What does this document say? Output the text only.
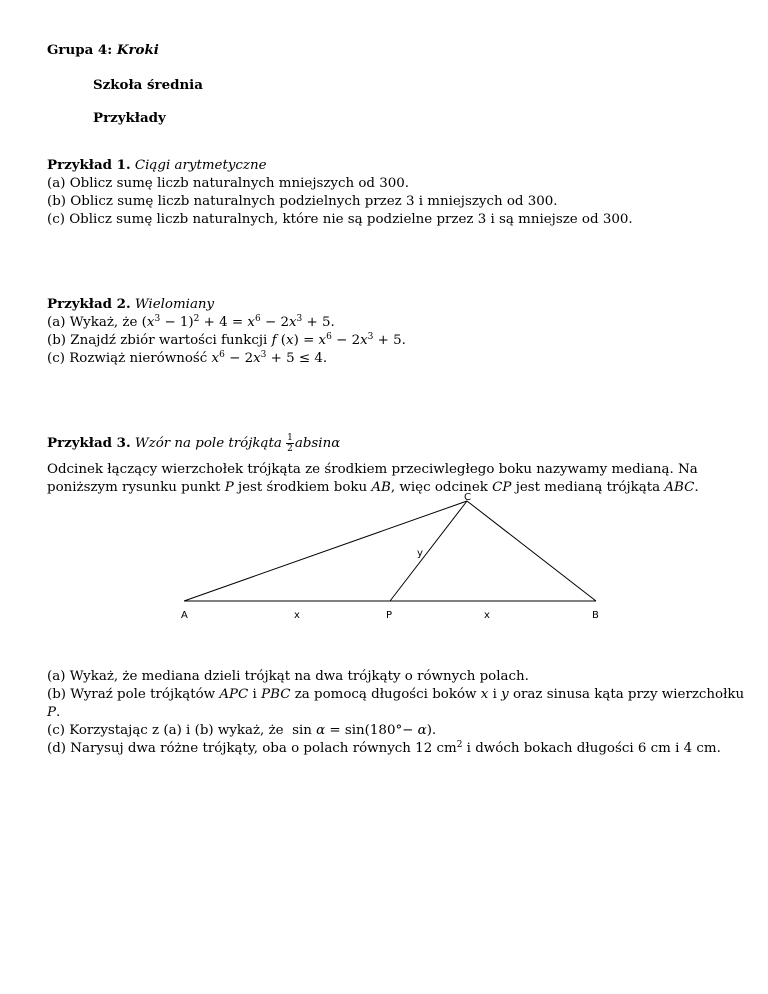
Grupa 4: Kroki
Szkoła średnia
Przykłady
Przykład 1. Ciągi arytmetyczne
(a) Oblicz sumę liczb naturalnych mniejszych od 300.
(b) Oblicz sumę liczb naturalnych podzielnych przez 3 i mniejszych od 300.
(c) Oblicz sumę liczb naturalnych, które nie są podzielne przez 3 i są mniejsze od 300.
Przykład 2. Wielomiany
(a) Wykaż, że $(x^3 - 1)^2 + 4 = x^6 - 2x^3 + 5$.
(b) Znajdź zbiór wartości funkcji f $(x) = x^6 - 2x^3 + 5$.
(c) Rozwiąż nierówność $x^6 - 2x^3 + 5 \le 4$.
Przykład 3. Wzór na pole trójkąta $\frac{1}{2}$ absinα
Odcinek łączący wierzchołek trójkąta ze środkiem przeciwległego boku nazywamy medianą. Na
poniższym rysunku punkt P jest środkiem boku AB, więc odcinek CP jest medianą trójkąta ABC.
A	B
C
P
x	x
y
(a) Wykaż, że mediana dzieli trójkąt na dwa trójkąty o równych polach.
(b) Wyraź pole trójkątów APC i PBC za pomocą długości boków x i y oraz sinusa kąta przy wierzchołku
P.
(c) Korzystając z (a) i (b) wykaż, że sin α = sin(180°− α).
(d) Narysuj dwa różne trójkąty, oba o polach równych 12 $cm^2$ i dwóch bokach długości 6 cm i 4 cm.
